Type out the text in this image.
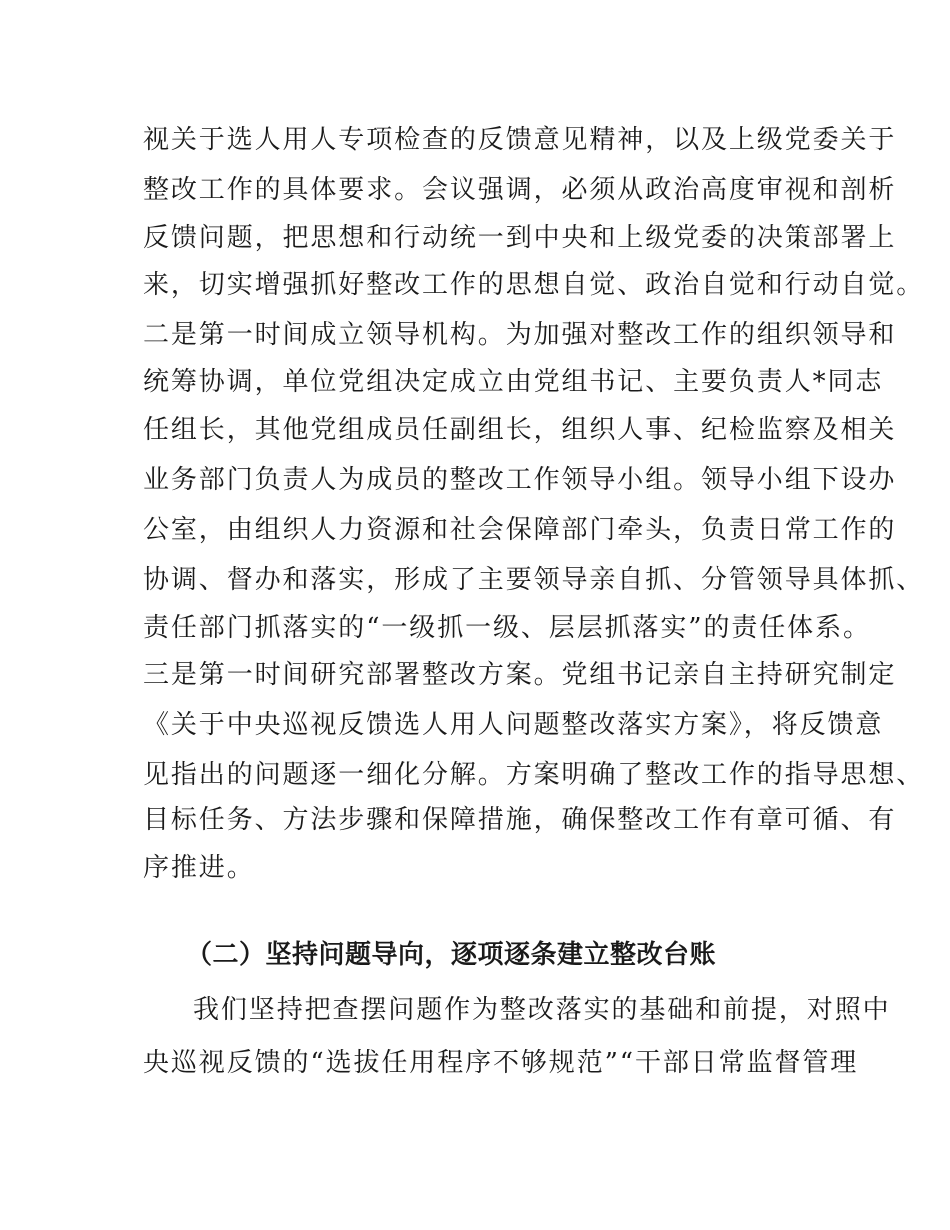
视关于选人用人专项检查的反馈意见精神，以及上级党委关于
整改工作的具体要求。会议强调，必须从政治高度审视和剖析
反馈问题，把思想和行动统一到中央和上级党委的决策部署上
来，切实增强抓好整改工作的思想自觉、政治自觉和行动自觉。
二是第一时间成立领导机构。为加强对整改工作的组织领导和
统筹协调，单位党组决定成立由党组书记、主要负责人*同志
任组长，其他党组成员任副组长，组织人事、纪检监察及相关
业务部门负责人为成员的整改工作领导小组。领导小组下设办
公室，由组织人力资源和社会保障部门牵头，负责日常工作的
协调、督办和落实，形成了主要领导亲自抓、分管领导具体抓、
责任部门抓落实的“一级抓一级、层层抓落实”的责任体系。
三是第一时间研究部署整改方案。党组书记亲自主持研究制定
《关于中央巡视反馈选人用人问题整改落实方案》，将反馈意
见指出的问题逐一细化分解。方案明确了整改工作的指导思想、
目标任务、方法步骤和保障措施，确保整改工作有章可循、有
序推进。
（二）坚持问题导向，逐项逐条建立整改台账
我们坚持把查摆问题作为整改落实的基础和前提，对照中
央巡视反馈的“选拔任用程序不够规范”“干部日常监督管理
